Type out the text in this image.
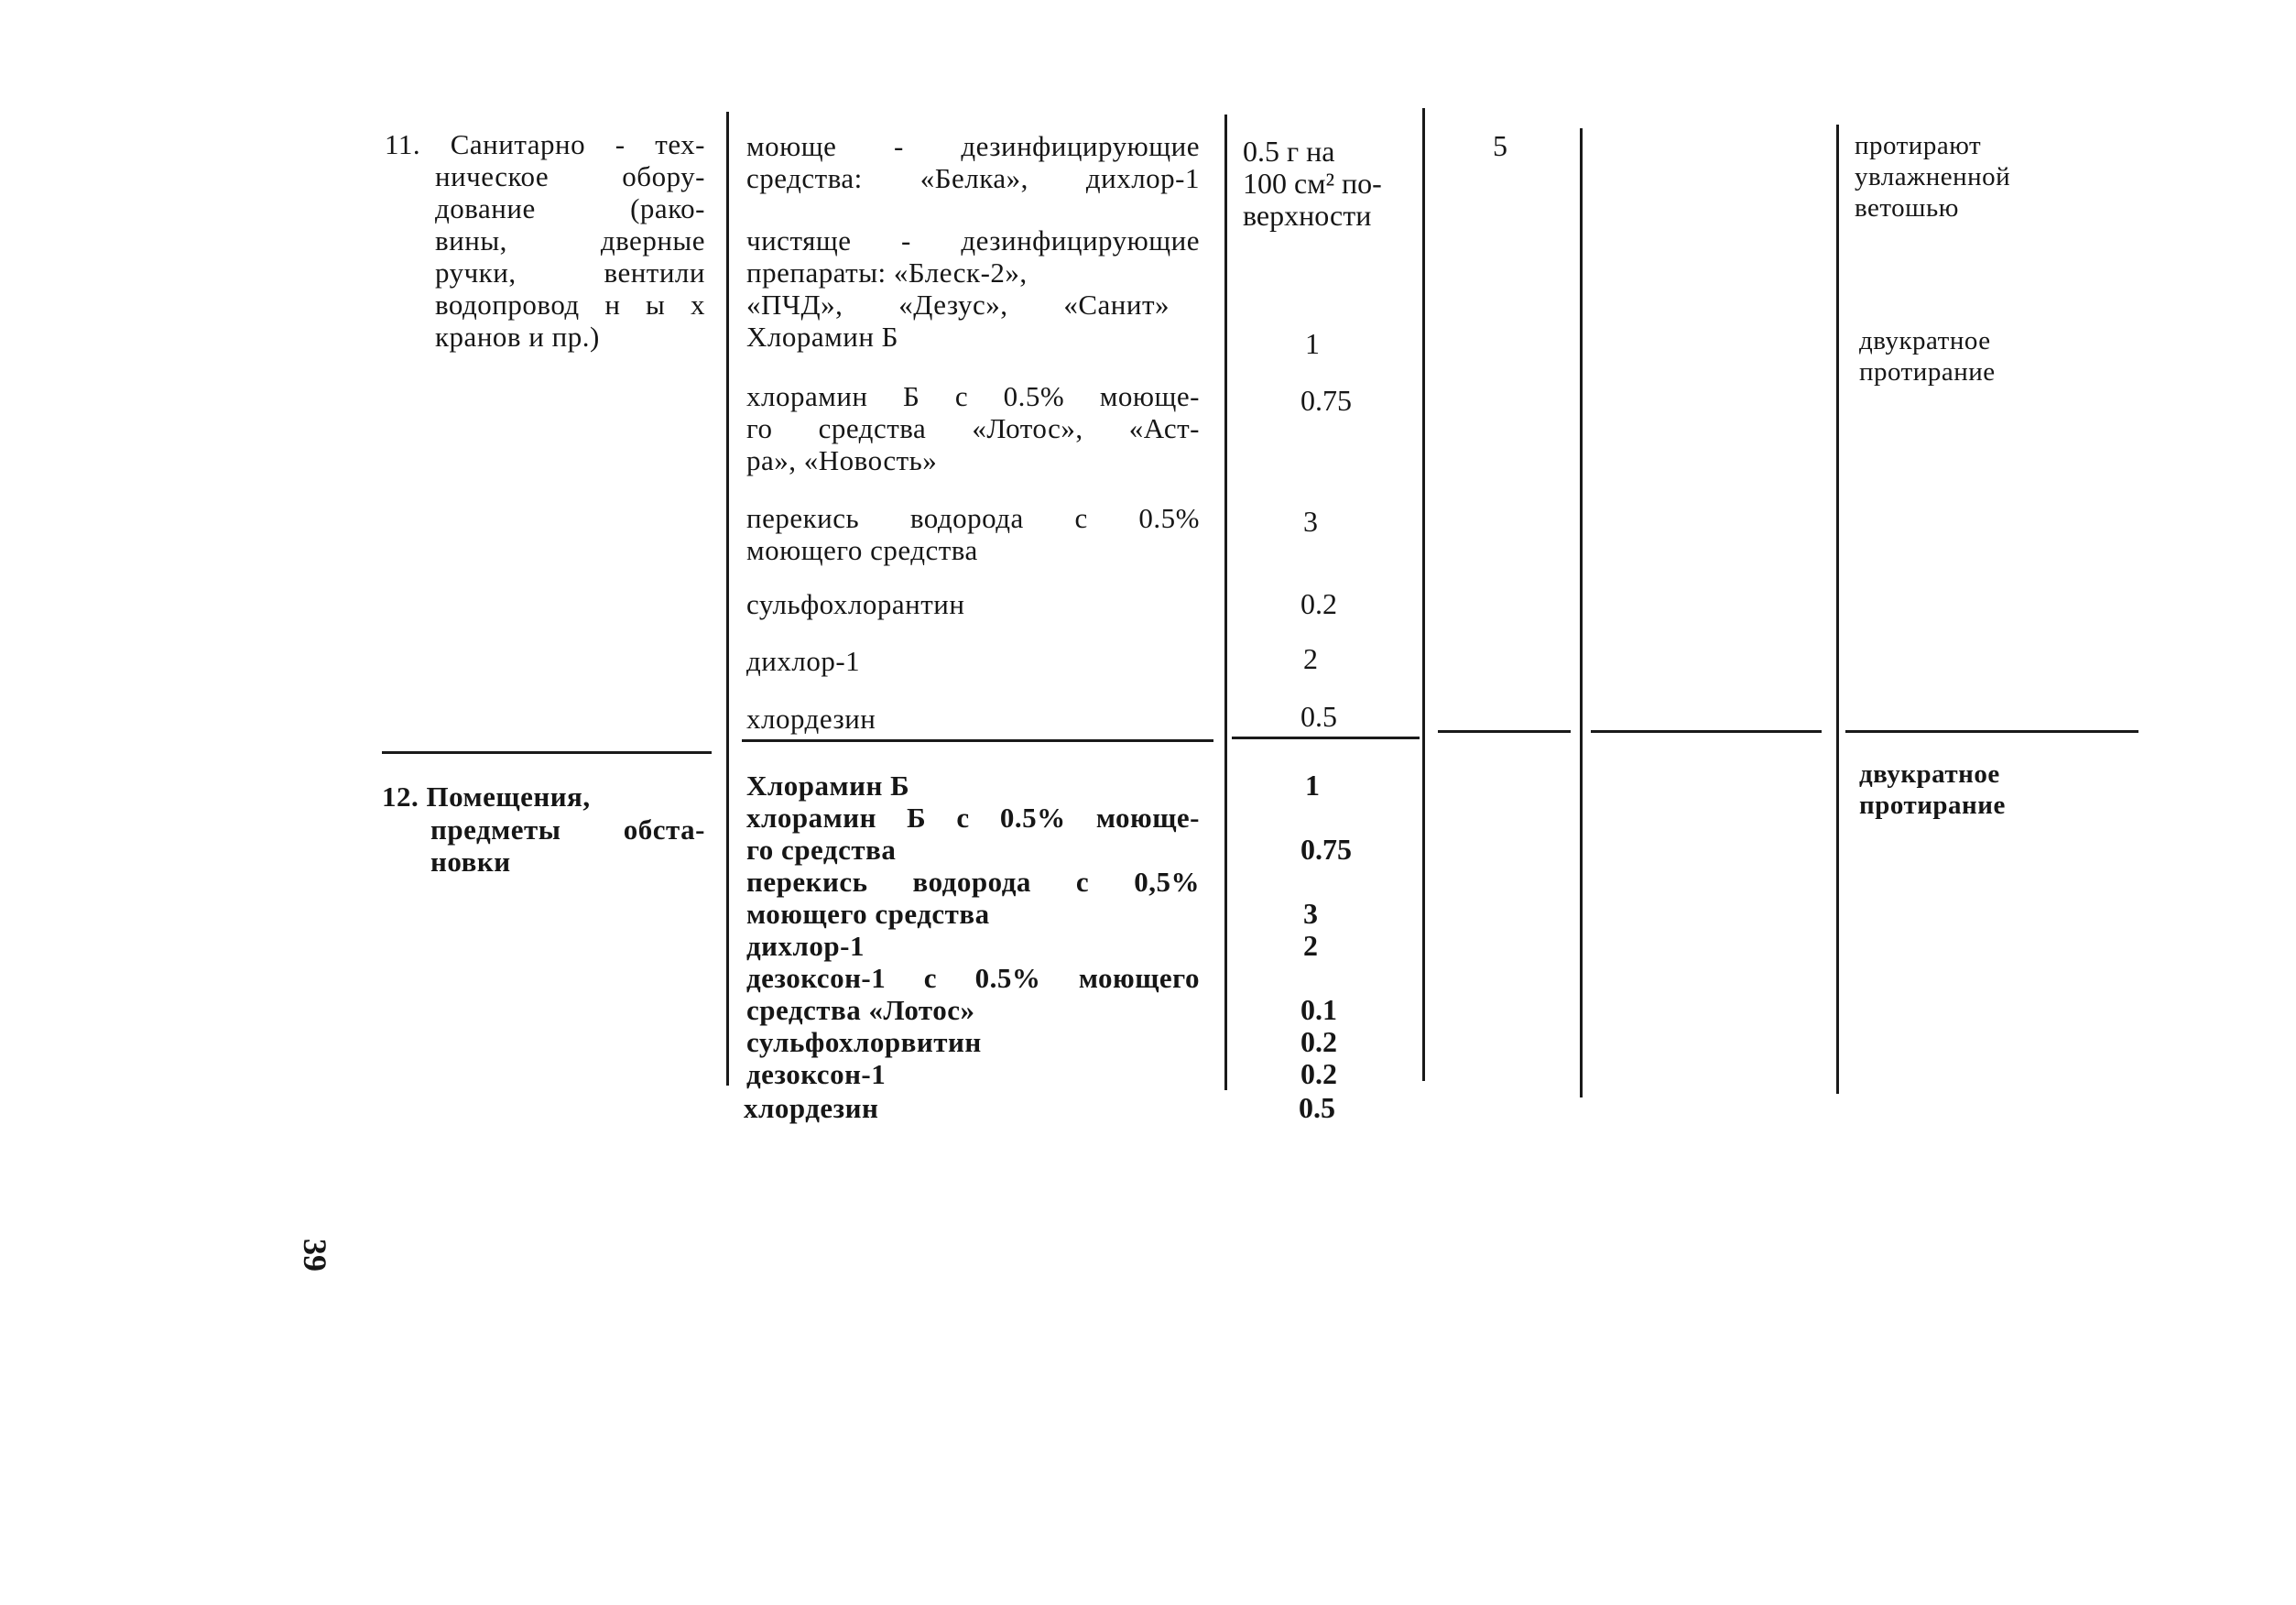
11. Санитарно - тех-
ническое обору-
дование (рако-
вины, дверные
ручки, вентили
водопровод н ы х
кранов и пр.)
моюще - дезинфицирующие
средства: «Белка», дихлор-1
чистяще - дезинфицирующие
препараты: «Блеск-2»,
«ПЧД», «Дезус», «Санит»
Хлорамин Б
хлорамин Б с 0.5% моюще-
го средства «Лотос», «Аст-
ра», «Новость»
перекись водорода с 0.5%
моющего средства
сульфохлорантин
дихлор-1
хлордезин
0.5 г на
100 см² по-
верхности
1
0.75
3
0.2
2
0.5
5	протирают
увлажненной
ветошью
двукратное
протирание
12. Помещения,
предметы обста-
новки
Хлорамин Б
хлорамин Б с 0.5% моюще-
го средства
перекись водорода с 0,5%
моющего средства
дихлор-1
дезоксон-1 с 0.5% моющего
средства «Лотос»
сульфохлорвитин
дезоксон-1
хлордезин
1
0.75
3
2
0.1
0.2
0.2
0.5
двукратное
протирание
39
